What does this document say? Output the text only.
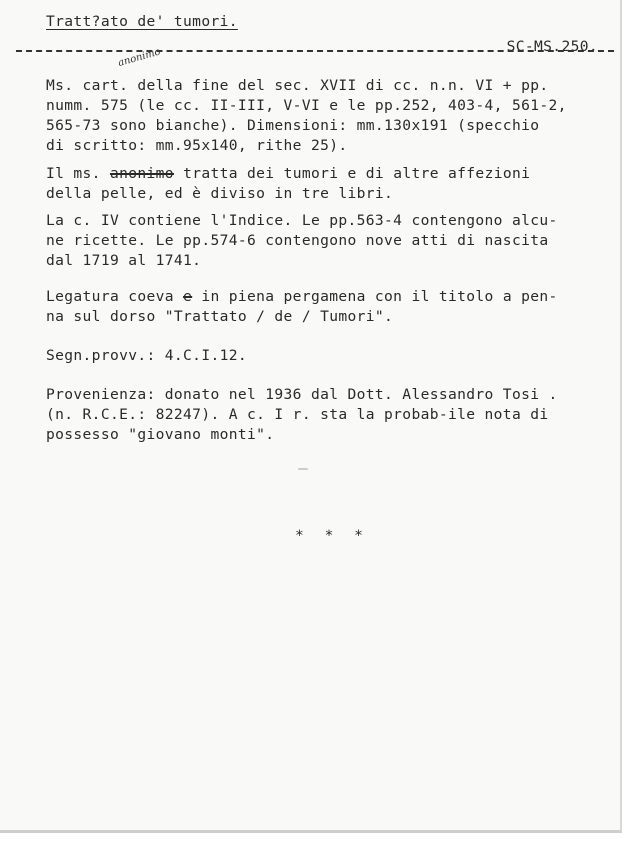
Tratt?ato de' tumori.
SC-MS.250.
anonimo
Ms. cart. della fine del sec. XVII di cc. n.n. VI + pp.
numm. 575 (le cc. II-III, V-VI e le pp.252, 403-4, 561-2,
565-73 sono bianche). Dimensioni: mm.130x191 (specchio
di scritto: mm.95x140, rithe 25).
Il ms. anonimo tratta dei tumori e di altre affezioni
della pelle, ed è diviso in tre libri.
La c. IV contiene l'Indice. Le pp.563-4 contengono alcu-
ne ricette. Le pp.574-6 contengono nove atti di nascita
dal 1719 al 1741.
Legatura coeva e in piena pergamena con il titolo a pen-
na sul dorso "Trattato / de / Tumori".
Segn.provv.: 4.C.I.12.
Provenienza: donato nel 1936 dal Dott. Alessandro Tosi .
(n. R.C.E.: 82247). A c. I r. sta la probab-ile nota di
possesso "giovano monti".
* * *
